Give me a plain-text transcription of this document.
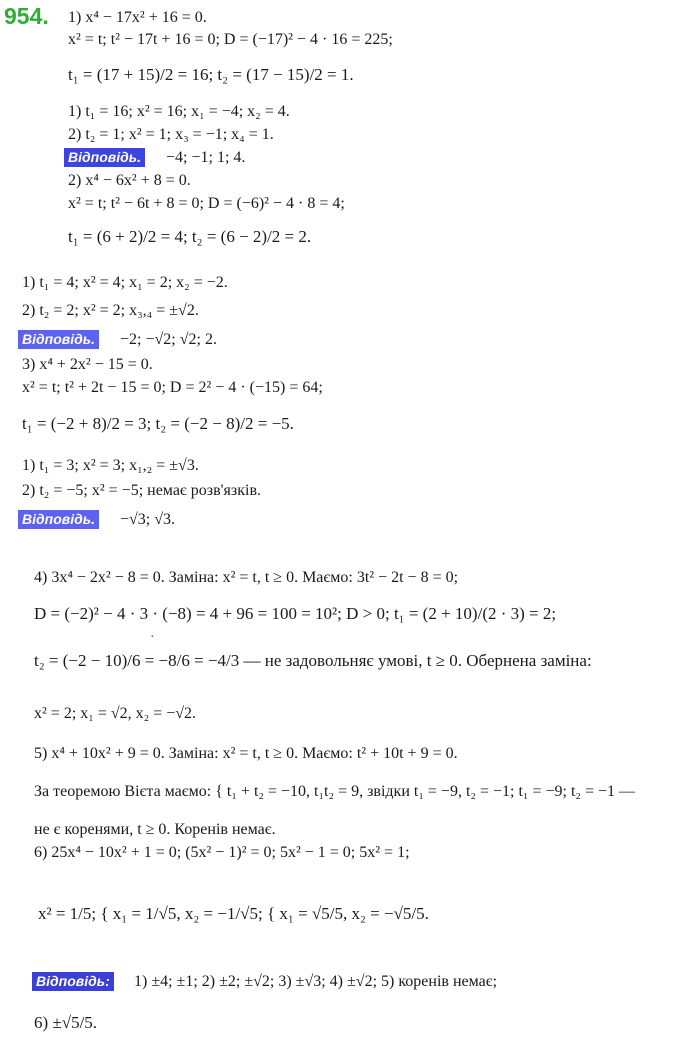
954. 1) x⁴ − 17x² + 16 = 0.
x² = t; t² − 17t + 16 = 0; D = (−17)² − 4 · 16 = 225;
t₁ = (17 + 15)/2 = 16; t₂ = (17 − 15)/2 = 1.
1) t₁ = 16; x² = 16; x₁ = −4; x₂ = 4.
2) t₂ = 1; x² = 1; x₃ = −1; x₄ = 1.
Відповідь. −4; −1; 1; 4.
2) x⁴ − 6x² + 8 = 0.
x² = t; t² − 6t + 8 = 0; D = (−6)² − 4 · 8 = 4;
t₁ = (6 + 2)/2 = 4; t₂ = (6 − 2)/2 = 2.
1) t₁ = 4; x² = 4; x₁ = 2; x₂ = −2.
2) t₂ = 2; x² = 2; x₃,₄ = ±√2.
Відповідь. −2; −√2; √2; 2.
3) x⁴ + 2x² − 15 = 0.
x² = t; t² + 2t − 15 = 0; D = 2² − 4 · (−15) = 64;
t₁ = (−2 + 8)/2 = 3; t₂ = (−2 − 8)/2 = −5.
1) t₁ = 3; x² = 3; x₁,₂ = ±√3.
2) t₂ = −5; x² = −5; немає розв'язків.
Відповідь. −√3; √3.
4) 3x⁴ − 2x² − 8 = 0. Заміна: x² = t, t ≥ 0. Маємо: 3t² − 2t − 8 = 0;
D = (−2)² − 4 · 3 · (−8) = 4 + 96 = 100 = 10²; D > 0; t₁ = (2 + 10)/(2 · 3) = 2;
·
t₂ = (−2 − 10)/6 = −8/6 = −4/3 — не задовольняє умові, t ≥ 0. Обернена заміна:
x² = 2; x₁ = √2, x₂ = −√2.
5) x⁴ + 10x² + 9 = 0. Заміна: x² = t, t ≥ 0. Маємо: t² + 10t + 9 = 0.
За теоремою Вієта маємо: { t₁ + t₂ = −10, t₁t₂ = 9, звідки t₁ = −9, t₂ = −1; t₁ = −9; t₂ = −1 —
не є коренями, t ≥ 0. Коренів немає.
6) 25x⁴ − 10x² + 1 = 0; (5x² − 1)² = 0; 5x² − 1 = 0; 5x² = 1;
x² = 1/5; { x₁ = 1/√5, x₂ = −1/√5; { x₁ = √5/5, x₂ = −√5/5.
Відповідь: 1) ±4; ±1; 2) ±2; ±√2; 3) ±√3; 4) ±√2; 5) коренів немає;
6) ±√5/5.
